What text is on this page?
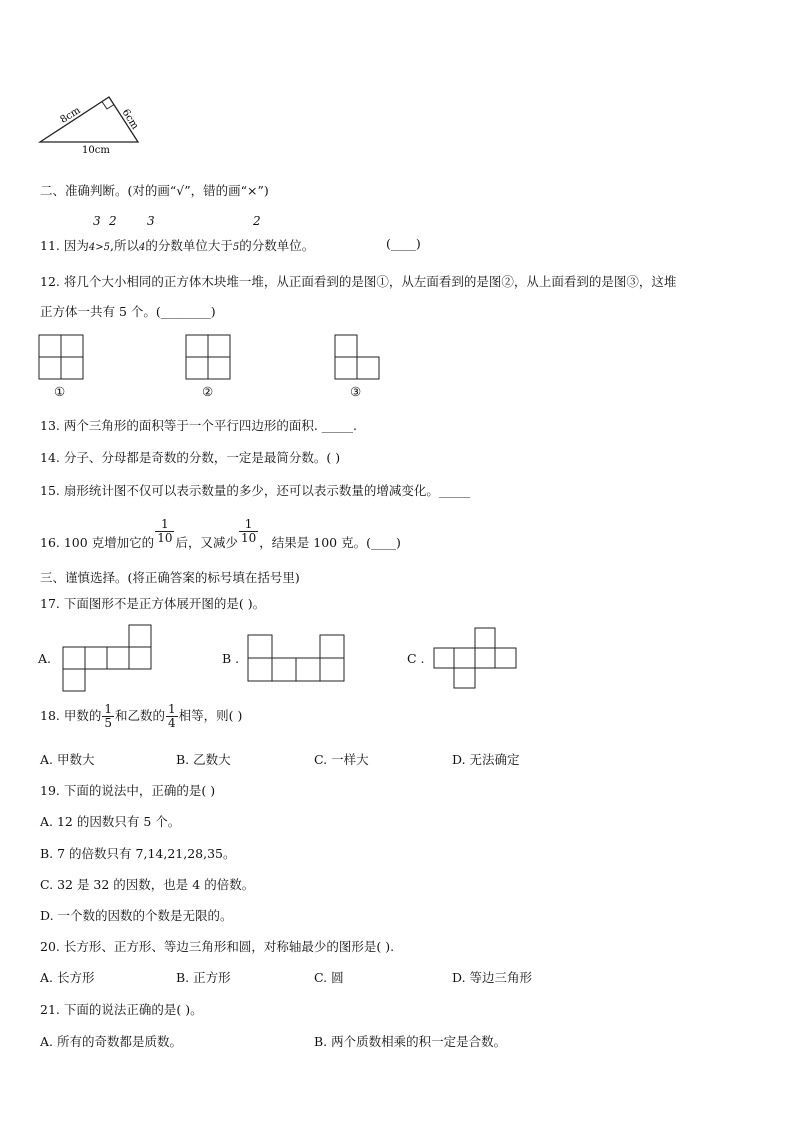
8cm	6cm
10cm
二、准确判断。(对的画“√”，错的画“×”)
11. 因为4>5,所以4的分数单位大于5的分数单位。
3 2	3	2
(____)
12. 将几个大小相同的正方体木块堆一堆，从正面看到的是图①，从左面看到的是图②，从上面看到的是图③，这堆
正方体一共有 5 个。(________)
①	②	③
13. 两个三角形的面积等于一个平行四边形的面积. _____.
14. 分子、分母都是奇数的分数，一定是最简分数。( )
15. 扇形统计图不仅可以表示数量的多少，还可以表示数量的增减变化。_____
16. 100 克增加它的 $\frac{1}{10}$ 后，又减少 $\frac{1}{10}$ ，结果是 100 克。(____)
三、谨慎选择。(将正确答案的标号填在括号里)
17. 下面图形不是正方体展开图的是( )。
A.	B .	C .
18. 甲数的 $\frac{1}{5}$ 和乙数的 $\frac{1}{4}$ 相等，则( )
A. 甲数大	B. 乙数大	C. 一样大	D. 无法确定
19. 下面的说法中，正确的是( )
A. 12 的因数只有 5 个。
B. 7 的倍数只有 7,14,21,28,35。
C. 32 是 32 的因数，也是 4 的倍数。
D. 一个数的因数的个数是无限的。
20. 长方形、正方形、等边三角形和圆，对称轴最少的图形是( ).
A. 长方形	B. 正方形	C. 圆	D. 等边三角形
21. 下面的说法正确的是( )。
A. 所有的奇数都是质数。	B. 两个质数相乘的积一定是合数。
